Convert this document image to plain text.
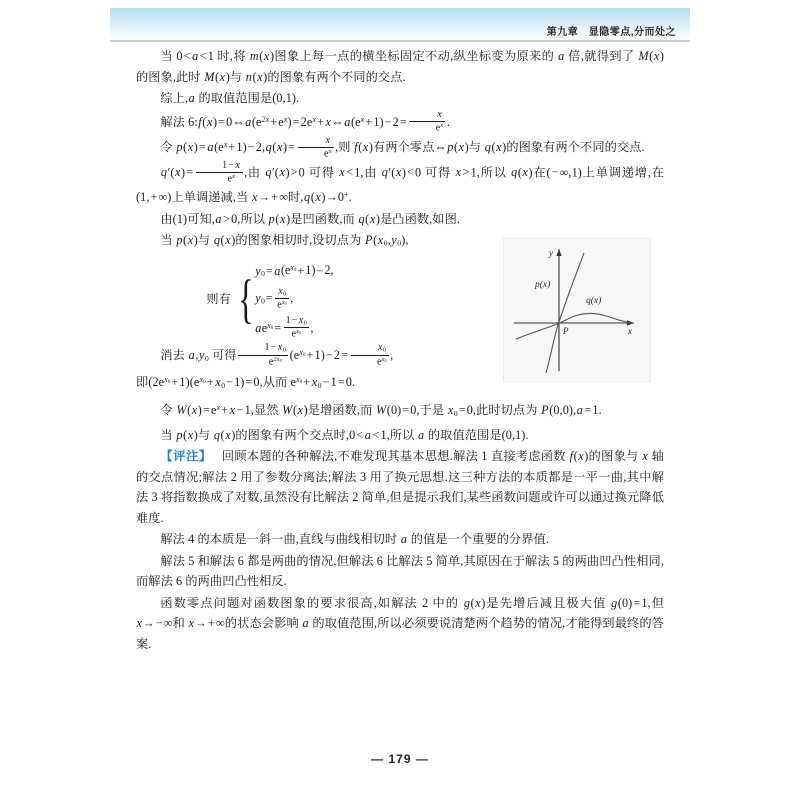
第九章　显隐零点,分而处之
P
p(x)
q(x)
x
y

当 0< a <1 时,将 m(x)图象上每一点的横坐标固定不动,纵坐标变为原来的 a 倍,就得到了 M(x)的图象,此时 M(x)与 n(x)的图象有两个不同的交点.

综上,a 的取值范围是(0,1).

解法 $6:f(x)=0\Leftrightarrow a(e^{2x}+e^x)=2e^x+$ $x\Leftrightarrow a(e^x+1)-2= \frac{x}{e^x}$ .

令 $p(x)= a(e^x+1)-2,q(x)= \frac{x}{e^x}$ ,则 f(x)有两个零点⇔p(x)与 q(x)的图象有两个不同的交点.

$q'(x)= \frac{1- x}{e^x}$ ,由 q′(x)>0 可得 x <1,由 q′(x)<0 可得 x >1,所以 q(x)在(−∞,1)上单调递增,在(1,+∞)上单调递减,当 x→+∞时,q(x)→0+.

由(1)可知,a >0,所以 p(x)是凹函数,而 q(x)是凸函数,如图.

当 p(x)与 q(x)的图象相切时,设切点为 $P(x_0,y_0)$,

则有 { $y_0= a(e^{x_0}+1)-2$,
$y_0= \frac{x_0}{e^{x_0}}$ ,
$ae^{x_0}= \frac{1- x_0}{e^{x_0}}$ ,

消去 $a,y_0$ 可得 $\frac{1- x_0}{e^{2x_0}} (e^{x_0}+1)-2= \frac{x_0}{e^{x_0}}$ ,

即$(2e^{x_0}+1)(e^{x_0}+ x_0-1)=0$,从而 $e^{x_0}+ x_0-1=0$.

令 $W(x)=e^x+ x -1$,显然 W(x)是增函数,而 W(0)=0,于是 $x_0=0$,此时切点为 P(0,0),a =1.

当 p(x)与 q(x)的图象有两个交点时,0< a <1,所以 a 的取值范围是(0,1).

【评注】   回顾本题的各种解法,不难发现其基本思想.解法 1 直接考虑函数 f(x)的图象与 x 轴的交点情况;解法 2 用了参数分离法;解法 3 用了换元思想.这三种方法的本质都是一平一曲,其中解法 3 将指数换成了对数,虽然没有比解法 2 简单,但是提示我们,某些函数问题或许可以通过换元降低难度.

解法 4 的本质是一斜一曲,直线与曲线相切时 a 的值是一个重要的分界值.

解法 5 和解法 6 都是两曲的情况,但解法 6 比解法 5 简单,其原因在于解法 5 的两曲凹凸性相同,而解法 6 的两曲凹凸性相反.

函数零点问题对函数图象的要求很高,如解法 2 中的 g(x)是先增后减且极大值 g(0)=1,但 x→−∞和 x→+∞的状态会影响 a 的取值范围,所以必须要说清楚两个趋势的情况,才能得到最终的答案.

— 179 —
